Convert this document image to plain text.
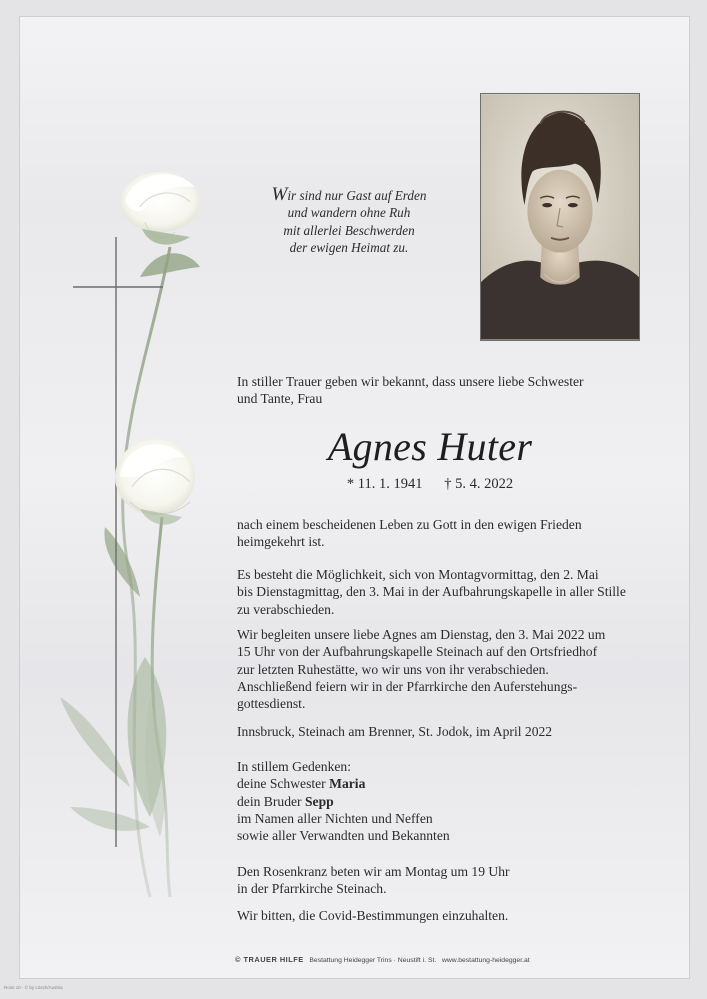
Wir sind nur Gast auf Erden
und wandern ohne Ruh
mit allerlei Beschwerden
der ewigen Heimat zu.
In stiller Trauer geben wir bekannt, dass unsere liebe Schwester
und Tante, Frau
Agnes Huter
* 11. 1. 1941 † 5. 4. 2022
nach einem bescheidenen Leben zu Gott in den ewigen Frieden
heimgekehrt ist.
Es besteht die Möglichkeit, sich von Montagvormittag, den 2. Mai
bis Dienstagmittag, den 3. Mai in der Aufbahrungskapelle in aller Stille
zu verabschieden.
Wir begleiten unsere liebe Agnes am Dienstag, den 3. Mai 2022 um
15 Uhr von der Aufbahrungskapelle Steinach auf den Ortsfriedhof
zur letzten Ruhestätte, wo wir uns von ihr verabschieden.
Anschließend feiern wir in der Pfarrkirche den Auferstehungs-
gottesdienst.
Innsbruck, Steinach am Brenner, St. Jodok, im April 2022
In stillem Gedenken:
deine Schwester Maria
dein Bruder Sepp
im Namen aller Nichten und Neffen
sowie aller Verwandten und Bekannten
Den Rosenkranz beten wir am Montag um 19 Uhr
in der Pfarrkirche Steinach.
Wir bitten, die Covid-Bestimmungen einzuhalten.
© TRAUER HILFE Bestattung Heidegger Trins · Neustift i. St. www.bestattung-heidegger.at
Rose 10 · © by Lösch/Austria
